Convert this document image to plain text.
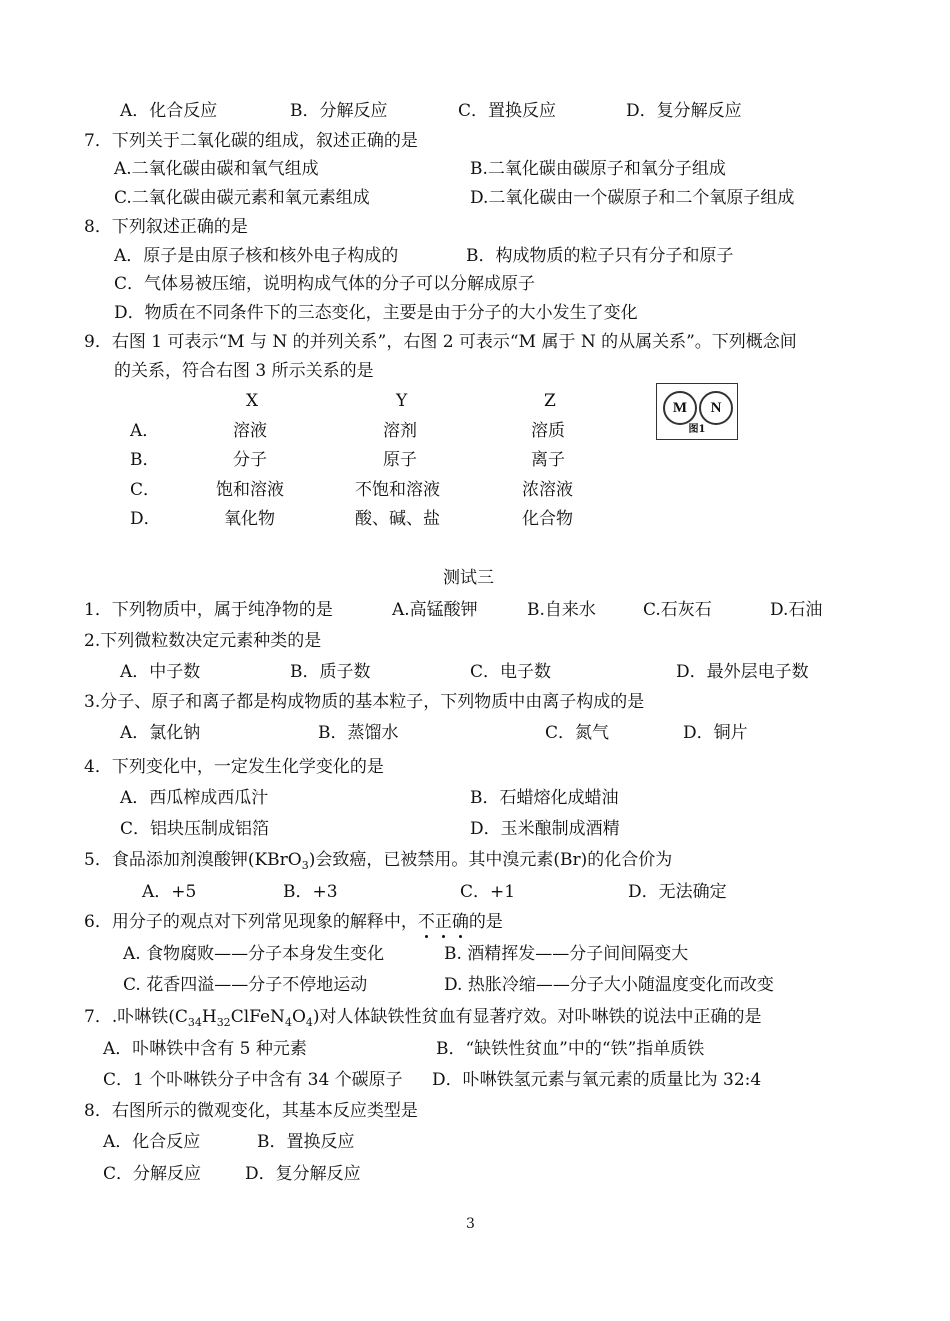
A．化合反应	B．分解反应	C．置换反应	D．复分解反应
7．下列关于二氧化碳的组成，叙述正确的是
A.二氧化碳由碳和氧气组成	B.二氧化碳由碳原子和氧分子组成
C.二氧化碳由碳元素和氧元素组成	D.二氧化碳由一个碳原子和二个氧原子组成
8．下列叙述正确的是
A．原子是由原子核和核外电子构成的	B．构成物质的粒子只有分子和原子
C．气体易被压缩，说明构成气体的分子可以分解成原子
D．物质在不同条件下的三态变化，主要是由于分子的大小发生了变化
9．右图 1 可表示“M 与 N 的并列关系”，右图 2 可表示“M 属于 N 的从属关系”。下列概念间
的关系，符合右图 3 所示关系的是
X	Y	Z
A．	溶液	溶剂	溶质
B．	分子	原子	离子
C．	饱和溶液	不饱和溶液	浓溶液
D．	氧化物	酸、碱、盐	化合物
M	N
图1
测试三
1．下列物质中，属于纯净物的是	A.高锰酸钾	B.自来水	C.石灰石	D.石油
2.下列微粒数决定元素种类的是
A．中子数	B．质子数	C．电子数	D．最外层电子数
3.分子、原子和离子都是构成物质的基本粒子，下列物质中由离子构成的是
A．氯化钠	B．蒸馏水	C．氮气	D．铜片
4．下列变化中，一定发生化学变化的是
A．西瓜榨成西瓜汁	B．石蜡熔化成蜡油
C．铝块压制成铝箔	D．玉米酿制成酒精
5．食品添加剂溴酸钾(KBrO$_3$)会致癌，已被禁用。其中溴元素(Br)的化合价为
A．+5	B．+3	C．+1	D．无法确定
6．用分子的观点对下列常见现象的解释中，不正确的是
A. 食物腐败——分子本身发生变化	B. 酒精挥发——分子间间隔变大
C. 花香四溢——分子不停地运动	D. 热胀冷缩——分子大小随温度变化而改变
7．.卟啉铁$(C_{34}H_{32}ClFeN_4O_4)$对人体缺铁性贫血有显著疗效。对卟啉铁的说法中正确的是
A．卟啉铁中含有 5 种元素	B．“缺铁性贫血”中的“铁”指单质铁
C．1 个卟啉铁分子中含有 34 个碳原子 D．卟啉铁氢元素与氧元素的质量比为 32:4
8．右图所示的微观变化，其基本反应类型是
A．化合反应	B．置换反应
C．分解反应	D．复分解反应
3
